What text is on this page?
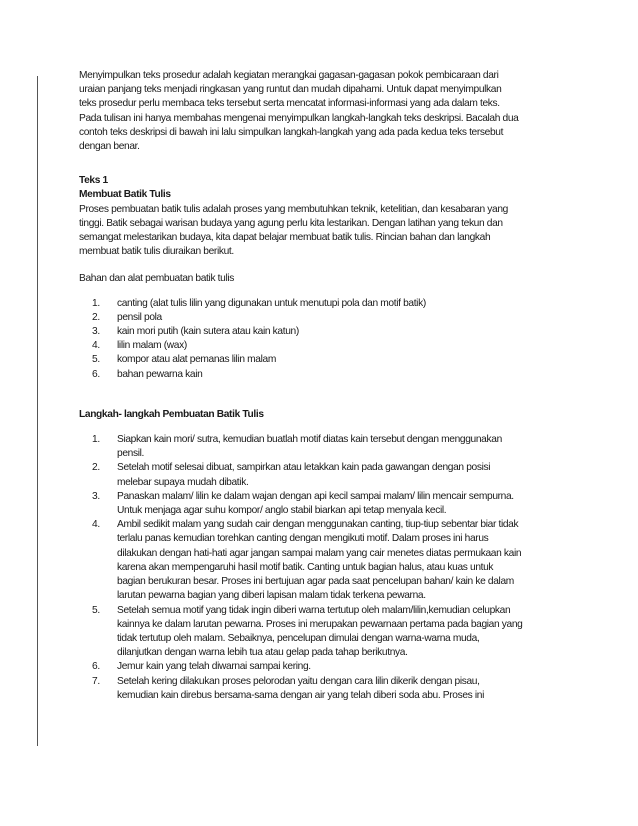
Menyimpulkan teks prosedur adalah kegiatan merangkai gagasan-gagasan pokok pembicaraan dari

uraian panjang teks menjadi ringkasan yang runtut dan mudah dipahami. Untuk dapat menyimpulkan

teks prosedur perlu membaca teks tersebut serta mencatat informasi-informasi yang ada dalam teks.

Pada tulisan ini hanya membahas mengenai menyimpulkan langkah-langkah teks deskripsi. Bacalah dua

contoh teks deskripsi di bawah ini lalu simpulkan langkah-langkah yang ada pada kedua teks tersebut

dengan benar.

Teks 1

Membuat Batik Tulis

Proses pembuatan batik tulis adalah proses yang membutuhkan teknik, ketelitian, dan kesabaran yang

tinggi. Batik sebagai warisan budaya yang agung perlu kita lestarikan. Dengan latihan yang tekun dan

semangat melestarikan budaya, kita dapat belajar membuat batik tulis. Rincian bahan dan langkah

membuat batik tulis diuraikan berikut.

Bahan dan alat pembuatan batik tulis

1.	canting (alat tulis lilin yang digunakan untuk menutupi pola dan motif batik)
2.	pensil pola
3.	kain mori putih (kain sutera atau kain katun)
4.	lilin malam (wax)
5.	kompor atau alat pemanas lilin malam
6.	bahan pewarna kain

Langkah- langkah Pembuatan Batik Tulis

1.	Siapkan kain mori/ sutra, kemudian buatlah motif diatas kain tersebut dengan menggunakan

pensil.

2.	Setelah motif selesai dibuat, sampirkan atau letakkan kain pada gawangan dengan posisi

melebar supaya mudah dibatik.

3.	Panaskan malam/ lilin ke dalam wajan dengan api kecil sampai malam/ lilin mencair sempurna.

Untuk menjaga agar suhu kompor/ anglo stabil biarkan api tetap menyala kecil.

4.	Ambil sedikit malam yang sudah cair dengan menggunakan canting, tiup-tiup sebentar biar tidak

terlalu panas kemudian torehkan canting dengan mengikuti motif. Dalam proses ini harus

dilakukan dengan hati-hati agar jangan sampai malam yang cair menetes diatas permukaan kain

karena akan mempengaruhi hasil motif batik. Canting untuk bagian halus, atau kuas untuk

bagian berukuran besar. Proses ini bertujuan agar pada saat pencelupan bahan/ kain ke dalam

larutan pewarna bagian yang diberi lapisan malam tidak terkena pewarna.

5.	Setelah semua motif yang tidak ingin diberi warna tertutup oleh malam/lilin,kemudian celupkan

kainnya ke dalam larutan pewarna. Proses ini merupakan pewarnaan pertama pada bagian yang

tidak tertutup oleh malam. Sebaiknya, pencelupan dimulai dengan warna-warna muda,

dilanjutkan dengan warna lebih tua atau gelap pada tahap berikutnya.

6.	Jemur kain yang telah diwarnai sampai kering.

7.	Setelah kering dilakukan proses pelorodan yaitu dengan cara lilin dikerik dengan pisau,

kemudian kain direbus bersama-sama dengan air yang telah diberi soda abu. Proses ini
